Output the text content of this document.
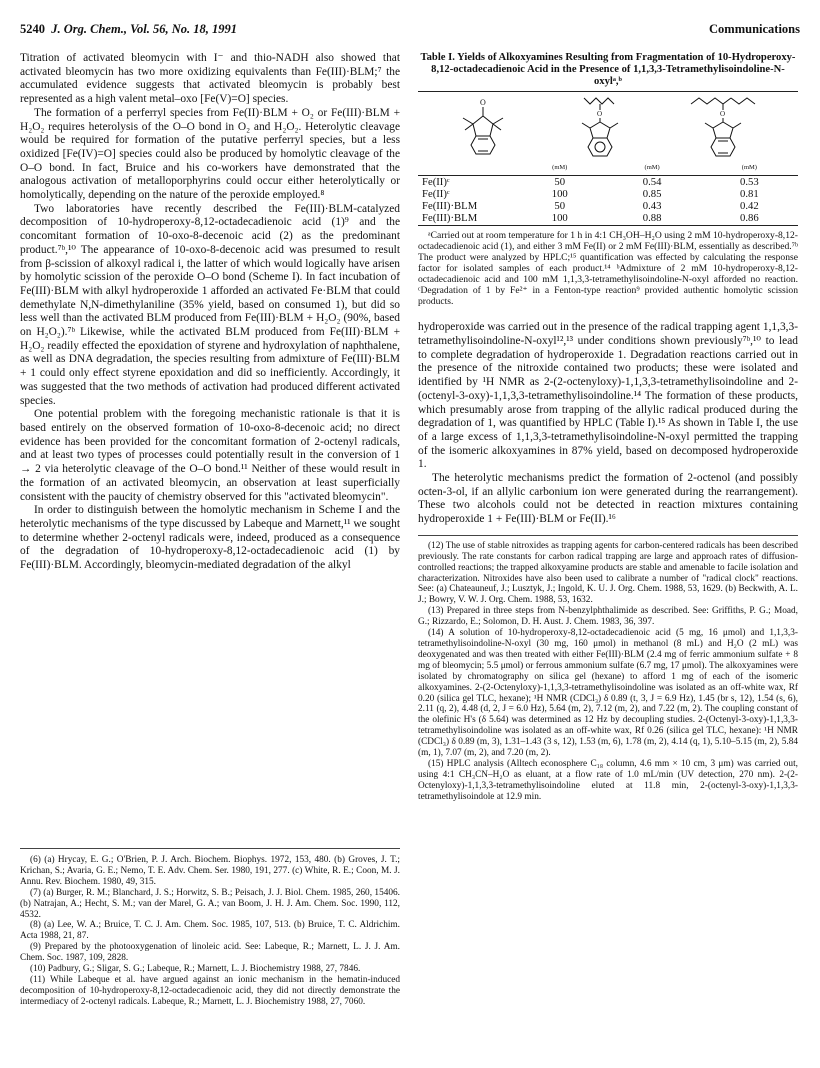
5240 J. Org. Chem., Vol. 56, No. 18, 1991	Communications

Titration of activated bleomycin with I⁻ and thio-NADH also showed that activated bleomycin has two more oxidizing equivalents than Fe(III)·BLM;⁷ the accumulated evidence suggests that activated bleomycin is probably best represented as a high valent metal–oxo [Fe(V)=O] species.

The formation of a perferryl species from Fe(II)·BLM + O₂ or Fe(III)·BLM + H₂O₂ requires heterolysis of the O–O bond in O₂ and H₂O₂. Heterolytic cleavage would be required for formation of the putative perferryl species, but a less oxidized [Fe(IV)=O] species could also be produced by homolytic cleavage of the O–O bond. In fact, Bruice and his co-workers have demonstrated that the analogous activation of metalloporphyrins could occur either heterolytically or homolytically, depending on the nature of the peroxide employed.⁸

Two laboratories have recently described the Fe(III)·BLM-catalyzed decomposition of 10-hydroperoxy-8,12-octadecadienoic acid (1)⁹ and the concomitant formation of 10-oxo-8-decenoic acid (2) as the predominant product.⁷ᵇ,¹⁰ The appearance of 10-oxo-8-decenoic acid was presumed to result from β-scission of alkoxyl radical i, the latter of which would logically have arisen by homolytic scission of the peroxide O–O bond (Scheme I). In fact incubation of Fe(III)·BLM with alkyl hydroperoxide 1 afforded an activated Fe·BLM that could demethylate N,N-dimethylaniline (35% yield, based on consumed 1), but did so less well than the activated BLM produced from Fe(III)·BLM + H₂O₂ (90%, based on H₂O₂).⁷ᵇ Likewise, while the activated BLM produced from Fe(III)·BLM + H₂O₂ readily effected the epoxidation of styrene and hydroxylation of naphthalene, as well as DNA degradation, the species resulting from admixture of Fe(III)·BLM + 1 could only effect styrene epoxidation and did so inefficiently. Accordingly, it was suggested that the two methods of activation had produced different activated species.

One potential problem with the foregoing mechanistic rationale is that it is based entirely on the observed formation of 10-oxo-8-decenoic acid; no direct evidence has been provided for the concomitant formation of 2-octenyl radicals, and at least two types of processes could potentially result in the conversion of 1 → 2 via heterolytic cleavage of the O–O bond.¹¹ Neither of these would result in the formation of an activated bleomycin, an observation at least superficially consistent with the paucity of chemistry observed for this "activated bleomycin".

In order to distinguish between the homolytic mechanism in Scheme I and the heterolytic mechanisms of the type discussed by Labeque and Marnett,¹¹ we sought to determine whether 2-octenyl radicals were, indeed, produced as a consequence of the degradation of 10-hydroperoxy-8,12-octadecadienoic acid (1) by Fe(III)·BLM. Accordingly, bleomycin-mediated degradation of the alkyl

(6) (a) Hrycay, E. G.; O'Brien, P. J. Arch. Biochem. Biophys. 1972, 153, 480. (b) Groves, J. T.; Krichan, S.; Avaria, G. E.; Nemo, T. E. Adv. Chem. Ser. 1980, 191, 277. (c) White, R. E.; Coon, M. J. Annu. Rev. Biochem. 1980, 49, 315.

(7) (a) Burger, R. M.; Blanchard, J. S.; Horwitz, S. B.; Peisach, J. J. Biol. Chem. 1985, 260, 15406. (b) Natrajan, A.; Hecht, S. M.; van der Marel, G. A.; van Boom, J. H. J. Am. Chem. Soc. 1990, 112, 4532.

(8) (a) Lee, W. A.; Bruice, T. C. J. Am. Chem. Soc. 1985, 107, 513. (b) Bruice, T. C. Aldrichim. Acta 1988, 21, 87.

(9) Prepared by the photooxygenation of linoleic acid. See: Labeque, R.; Marnett, L. J. J. Am. Chem. Soc. 1987, 109, 2828.

(10) Padbury, G.; Sligar, S. G.; Labeque, R.; Marnett, L. J. Biochemistry 1988, 27, 7846.

(11) While Labeque et al. have argued against an ionic mechanism in the hematin-induced decomposition of 10-hydroperoxy-8,12-octadecadienoic acid, they did not directly demonstrate the intermediacy of 2-octenyl radicals. Labeque, R.; Marnett, L. J. Biochemistry 1988, 27, 7060.

Table I. Yields of Alkoxyamines Resulting from Fragmentation of 10-Hydroperoxy-8,12-octadecadienoic Acid in the Presence of 1,1,3,3-Tetramethylisoindoline-N-oxylᵃ,ᵇ
O
O	O
	(mM)	(mM)	(mM)
Fe(II)ᶜ	50	0.54	0.53
Fe(II)ᶜ	100	0.85	0.81
Fe(III)·BLM	50	0.43	0.42
Fe(III)·BLM	100	0.88	0.86

ᵃCarried out at room temperature for 1 h in 4:1 CH₃OH–H₂O using 2 mM 10-hydroperoxy-8,12-octadecadienoic acid (1), and either 3 mM Fe(II) or 2 mM Fe(III)·BLM, essentially as described.⁷ᵇ The product were analyzed by HPLC;¹⁵ quantification was effected by calculating the response factor for isolated samples of each product.¹⁴ ᵇAdmixture of 2 mM 10-hydroperoxy-8,12-octadecadienoic acid and 100 mM 1,1,3,3-tetramethylisoindoline-N-oxyl afforded no reaction. ᶜDegradation of 1 by Fe²⁺ in a Fenton-type reaction⁹ provided authentic homolytic scission products.

hydroperoxide was carried out in the presence of the radical trapping agent 1,1,3,3-tetramethylisoindoline-N-oxyl¹²,¹³ under conditions shown previously⁷ᵇ,¹⁰ to lead to complete degradation of hydroperoxide 1. Degradation reactions carried out in the presence of the nitroxide contained two products; these were isolated and identified by ¹H NMR as 2-(2-octenyloxy)-1,1,3,3-tetramethylisoindoline and 2-(octenyl-3-oxy)-1,1,3,3-tetramethylisoindoline.¹⁴ The formation of these products, which presumably arose from trapping of the allylic radical produced during the degradation of 1, was quantified by HPLC (Table I).¹⁵ As shown in Table I, the use of a large excess of 1,1,3,3-tetramethylisoindoline-N-oxyl permitted the trapping of the isomeric alkoxyamines in 87% yield, based on decomposed hydroperoxide 1.

The heterolytic mechanisms predict the formation of 2-octenol (and possibly octen-3-ol, if an allylic carbonium ion were generated during the rearrangement). These two alcohols could not be detected in reaction mixtures containing hydroperoxide 1 + Fe(III)·BLM or Fe(II).¹⁶

(12) The use of stable nitroxides as trapping agents for carbon-centered radicals has been described previously. The rate constants for carbon radical trapping are large and approach rates of diffusion-controlled reactions; the trapped alkoxyamine products are stable and amenable to facile isolation and characterization. Nitroxides have also been used to calibrate a number of "radical clock" reactions. See: (a) Chateauneuf, J.; Lusztyk, J.; Ingold, K. U. J. Org. Chem. 1988, 53, 1629. (b) Beckwith, A. L. J.; Bowry, V. W. J. Org. Chem. 1988, 53, 1632.

(13) Prepared in three steps from N-benzylphthalimide as described. See: Griffiths, P. G.; Moad, G.; Rizzardo, E.; Solomon, D. H. Aust. J. Chem. 1983, 36, 397.

(14) A solution of 10-hydroperoxy-8,12-octadecadienoic acid (5 mg, 16 μmol) and 1,1,3,3-tetramethylisoindoline-N-oxyl (30 mg, 160 μmol) in methanol (8 mL) and H₂O (2 mL) was deoxygenated and was then treated with either Fe(III)·BLM (2.4 mg of ferric ammonium sulfate + 8 mg of bleomycin; 5.5 μmol) or ferrous ammonium sulfate (6.7 mg, 17 μmol). The alkoxyamines were isolated by chromatography on silica gel (hexane) to afford 1 mg of each of the isomeric alkoxyamines. 2-(2-Octenyloxy)-1,1,3,3-tetramethylisoindoline was isolated as an off-white wax, Rf 0.20 (silica gel TLC, hexane); ¹H NMR (CDCl₃) δ 0.89 (t, 3, J = 6.9 Hz), 1.45 (br s, 12), 1.54 (s, 6), 2.11 (q, 2), 4.48 (d, 2, J = 6.0 Hz), 5.64 (m, 2), 7.12 (m, 2), and 7.22 (m, 2). The coupling constant of the olefinic H's (δ 5.64) was determined as 12 Hz by decoupling studies. 2-(Octenyl-3-oxy)-1,1,3,3-tetramethylisoindoline was isolated as an off-white wax, Rf 0.26 (silica gel TLC, hexane): ¹H NMR (CDCl₃) δ 0.89 (m, 3), 1.31–1.43 (3 s, 12), 1.53 (m, 6), 1.78 (m, 2), 4.14 (q, 1), 5.10–5.15 (m, 2), 5.84 (m, 1), 7.07 (m, 2), and 7.20 (m, 2).

(15) HPLC analysis (Alltech econosphere C₁₈ column, 4.6 mm × 10 cm, 3 μm) was carried out, using 4:1 CH₃CN–H₂O as eluant, at a flow rate of 1.0 mL/min (UV detection, 270 nm). 2-(2-Octenyloxy)-1,1,3,3-tetramethylisoindoline eluted at 11.8 min, 2-(octenyl-3-oxy)-1,1,3,3-tetramethylisoindole at 12.9 min.
